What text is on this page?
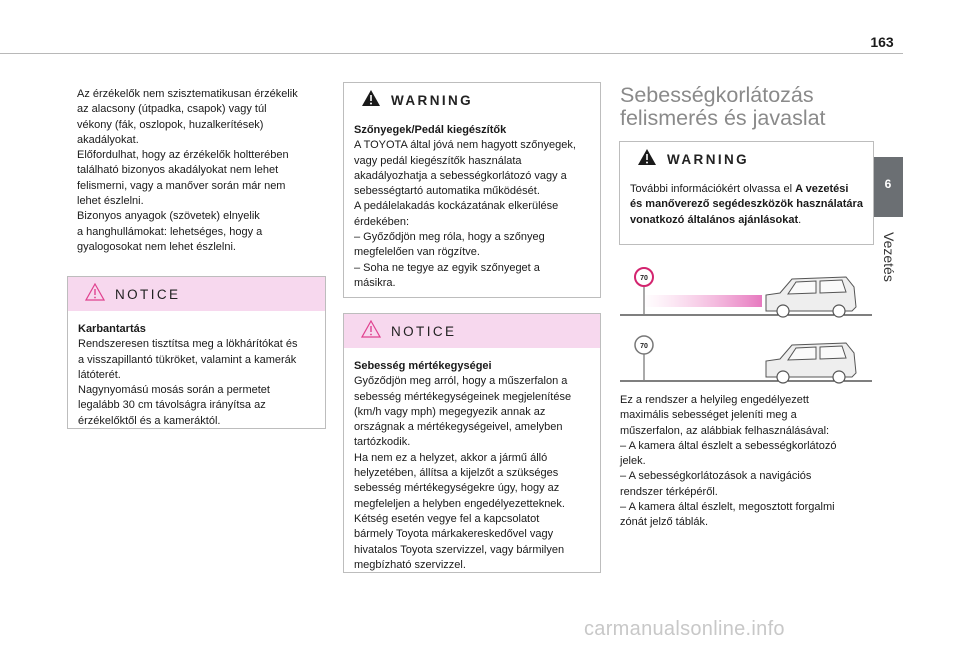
163
6
Vezetés
Az érzékelők nem szisztematikusan érzékelik
az alacsony (útpadka, csapok) vagy túl
vékony (fák, oszlopok, huzalkerítések)
akadályokat.
Előfordulhat, hogy az érzékelők holtterében
található bizonyos akadályokat nem lehet
felismerni, vagy a manőver során már nem
lehet észlelni.
Bizonyos anyagok (szövetek) elnyelik
a hanghullámokat: lehetséges, hogy a
gyalogosokat nem lehet észlelni.
NOTICE
Karbantartás
Rendszeresen tisztítsa meg a lökhárítókat és
a visszapillantó tükröket, valamint a kamerák
látóterét.
Nagynyomású mosás során a permetet
legalább 30 cm távolságra irányítsa az
érzékelőktől és a kameráktól.
WARNING
Szőnyegek/Pedál kiegészítők
A TOYOTA által jóvá nem hagyott szőnyegek,
vagy pedál kiegészítők használata
akadályozhatja a sebességkorlátozó vagy a
sebességtartó automatika működését.
A pedálelakadás kockázatának elkerülése
érdekében:
– Győződjön meg róla, hogy a szőnyeg
megfelelően van rögzítve.
– Soha ne tegye az egyik szőnyeget a
másikra.
NOTICE
Sebesség mértékegységei
Győződjön meg arról, hogy a műszerfalon a
sebesség mértékegységeinek megjelenítése
(km/h vagy mph) megegyezik annak az
országnak a mértékegységeivel, amelyben
tartózkodik.
Ha nem ez a helyzet, akkor a jármű álló
helyzetében, állítsa a kijelzőt a szükséges
sebesség mértékegységekre úgy, hogy az
megfeleljen a helyben engedélyezetteknek.
Kétség esetén vegye fel a kapcsolatot
bármely Toyota márkakereskedővel vagy
hivatalos Toyota szervizzel, vagy bármilyen
megbízható szervizzel.
Sebességkorlátozás felismerés és javaslat
WARNING
További információkért olvassa el A vezetési és manőverező segédeszközök használatára vonatkozó általános ajánlásokat.
70
70
Ez a rendszer a helyileg engedélyezett
maximális sebességet jeleníti meg a
műszerfalon, az alábbiak felhasználásával:
– A kamera által észlelt a sebességkorlátozó
jelek.
– A sebességkorlátozások a navigációs
rendszer térképéről.
– A kamera által észlelt, megosztott forgalmi
zónát jelző táblák.
carmanualsonline.info
